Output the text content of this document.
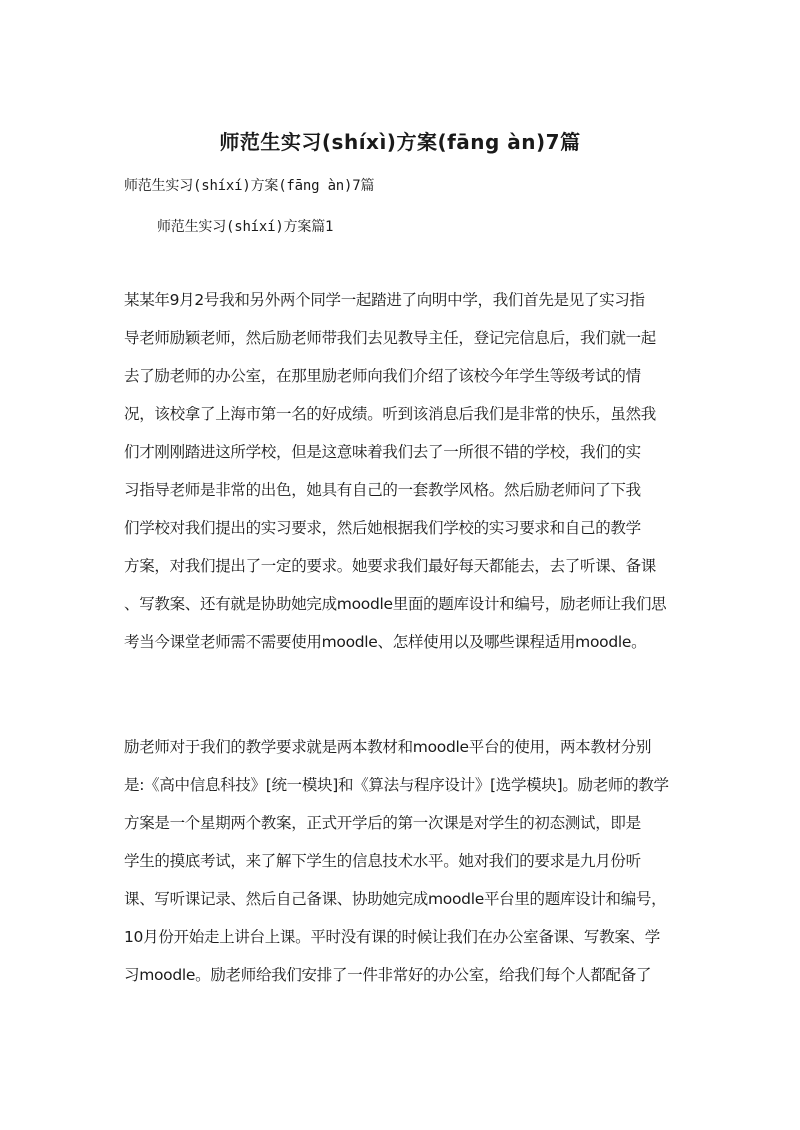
师范生实习(shíxì)方案(fāng àn)7篇
师范生实习(shíxí)方案(fāng àn)7篇
师范生实习(shíxí)方案篇1
某某年9月2号我和另外两个同学一起踏进了向明中学，我们首先是见了实习指
导老师励颖老师，然后励老师带我们去见教导主任，登记完信息后，我们就一起
去了励老师的办公室，在那里励老师向我们介绍了该校今年学生等级考试的情
况，该校拿了上海市第一名的好成绩。听到该消息后我们是非常的快乐，虽然我
们才刚刚踏进这所学校，但是这意味着我们去了一所很不错的学校，我们的实
习指导老师是非常的出色，她具有自己的一套教学风格。然后励老师问了下我
们学校对我们提出的实习要求，然后她根据我们学校的实习要求和自己的教学
方案，对我们提出了一定的要求。她要求我们最好每天都能去，去了听课、备课
、写教案、还有就是协助她完成moodle里面的题库设计和编号，励老师让我们思
考当今课堂老师需不需要使用moodle、怎样使用以及哪些课程适用moodle。
励老师对于我们的教学要求就是两本教材和moodle平台的使用，两本教材分别
是:《高中信息科技》[统一模块]和《算法与程序设计》[选学模块]。励老师的教学
方案是一个星期两个教案，正式开学后的第一次课是对学生的初态测试，即是
学生的摸底考试，来了解下学生的信息技术水平。她对我们的要求是九月份听
课、写听课记录、然后自己备课、协助她完成moodle平台里的题库设计和编号，
10月份开始走上讲台上课。平时没有课的时候让我们在办公室备课、写教案、学
习moodle。励老师给我们安排了一件非常好的办公室，给我们每个人都配备了
